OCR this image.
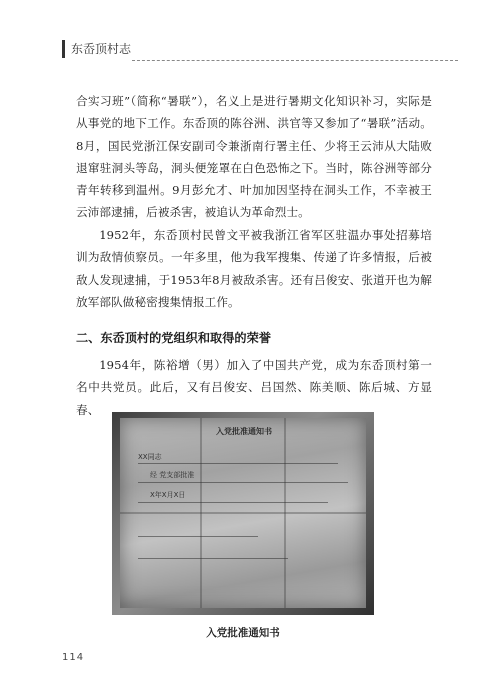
东岙顶村志
合实习班”（简称“暑联”），名义上是进行暑期文化知识补习，实际是从事党的地下工作。东岙顶的陈谷洲、洪官等又参加了“暑联”活动。8月，国民党浙江保安副司令兼浙南行署主任、少将王云沛从大陆败退窜驻洞头等岛，洞头便笼罩在白色恐怖之下。当时，陈谷洲等部分青年转移到温州。9月彭允才、叶加加因坚持在洞头工作，不幸被王云沛部逮捕，后被杀害，被追认为革命烈士。
1952年，东岙顶村民曾文平被我浙江省军区驻温办事处招募培训为敌情侦察员。一年多里，他为我军搜集、传递了许多情报，后被敌人发现逮捕，于1953年8月被敌杀害。还有吕俊安、张道开也为解放军部队做秘密搜集情报工作。
二、东岙顶村的党组织和取得的荣誉
1954年，陈裕增（男）加入了中国共产党，成为东岙顶村第一名中共党员。此后，又有吕俊安、吕国然、陈美顺、陈后城、方显春、
入党批准通知书
XX同志
经 党支部批准
X年X月X日
入党批准通知书
114
